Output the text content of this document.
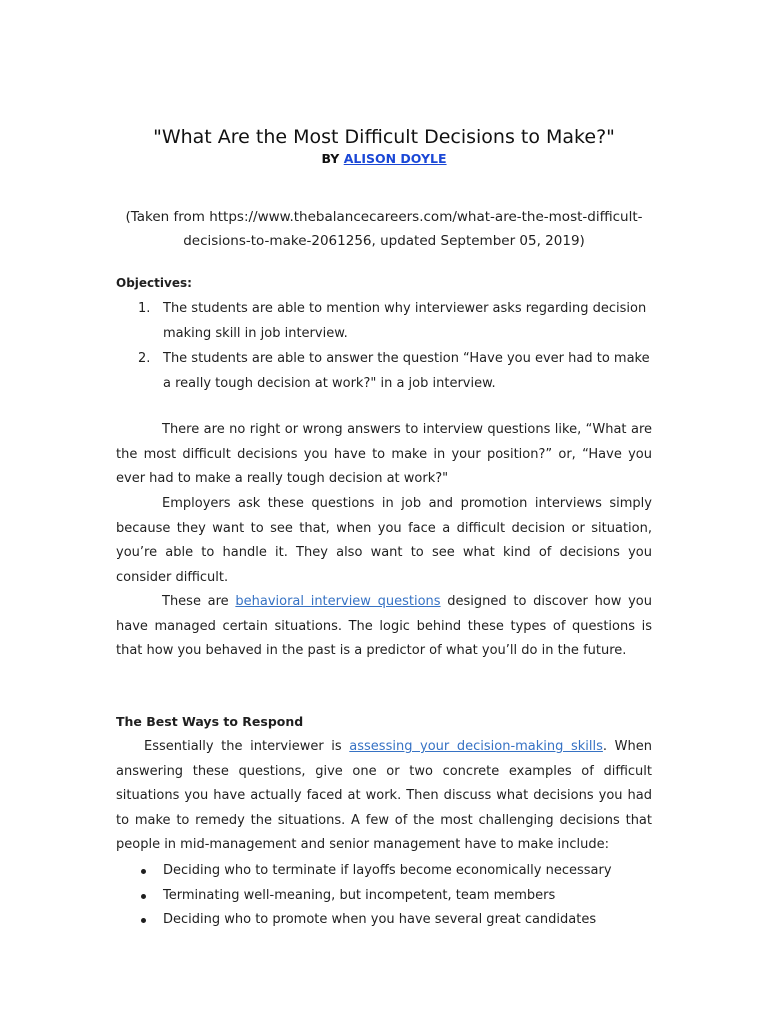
"What Are the Most Difficult Decisions to Make?"
BY ALISON DOYLE
(Taken from https://www.thebalancecareers.com/what-are-the-most-difficult-decisions-to-make-2061256, updated September 05, 2019)
Objectives:
1. The students are able to mention why interviewer asks regarding decision making skill in job interview.
2. The students are able to answer the question “Have you ever had to make a really tough decision at work?" in a job interview.
There are no right or wrong answers to interview questions like, “What are the most difficult decisions you have to make in your position?” or, “Have you ever had to make a really tough decision at work?"
Employers ask these questions in job and promotion interviews simply because they want to see that, when you face a difficult decision or situation, you’re able to handle it. They also want to see what kind of decisions you consider difficult.
These are behavioral interview questions designed to discover how you have managed certain situations. The logic behind these types of questions is that how you behaved in the past is a predictor of what you’ll do in the future.
The Best Ways to Respond
Essentially the interviewer is assessing your decision-making skills. When answering these questions, give one or two concrete examples of difficult situations you have actually faced at work. Then discuss what decisions you had to make to remedy the situations. A few of the most challenging decisions that people in mid-management and senior management have to make include:
Deciding who to terminate if layoffs become economically necessary
Terminating well-meaning, but incompetent, team members
Deciding who to promote when you have several great candidates
